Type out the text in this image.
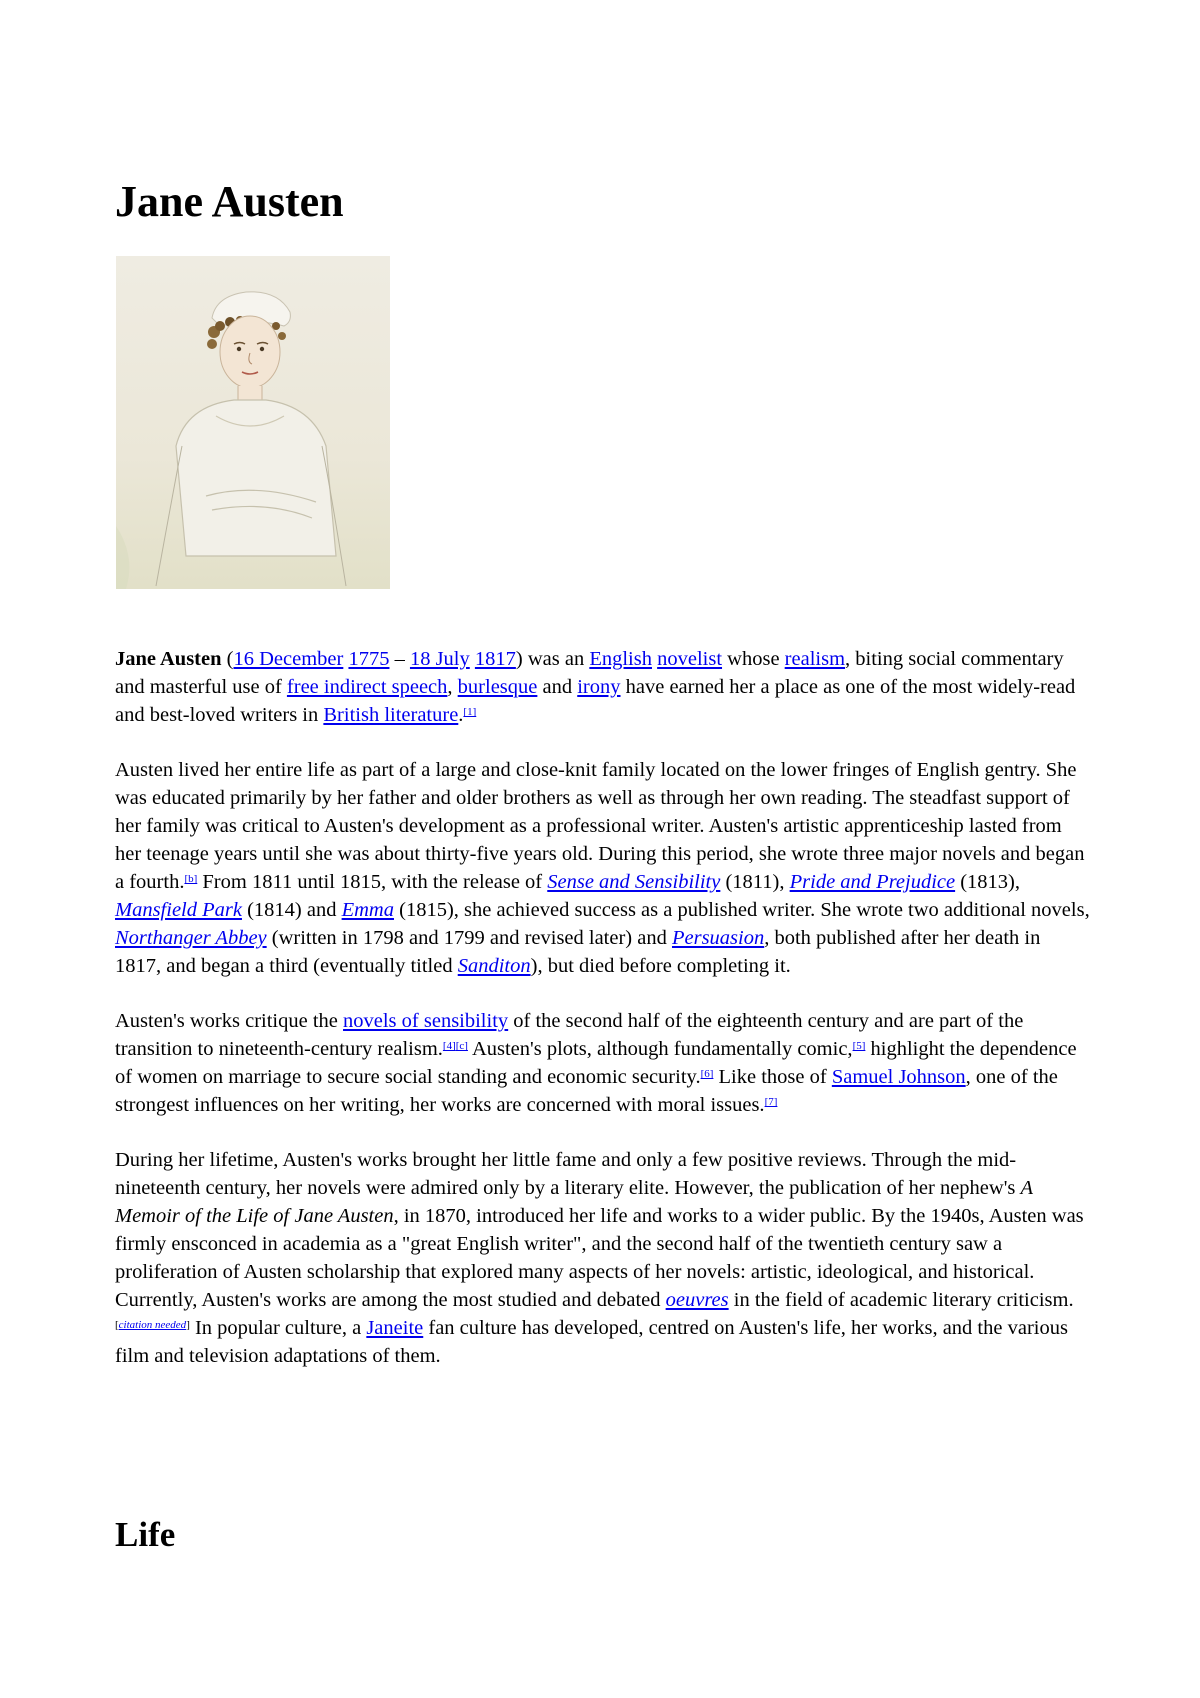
Jane Austen

Jane Austen (16 December 1775 – 18 July 1817) was an English novelist whose realism, biting social commentary and masterful use of free indirect speech, burlesque and irony have earned her a place as one of the most widely-read and best-loved writers in British literature.[1]

Austen lived her entire life as part of a large and close-knit family located on the lower fringes of English gentry. She was educated primarily by her father and older brothers as well as through her own reading. The steadfast support of her family was critical to Austen's development as a professional writer. Austen's artistic apprenticeship lasted from her teenage years until she was about thirty-five years old. During this period, she wrote three major novels and began a fourth.[b] From 1811 until 1815, with the release of Sense and Sensibility (1811), Pride and Prejudice (1813), Mansfield Park (1814) and Emma (1815), she achieved success as a published writer. She wrote two additional novels, Northanger Abbey (written in 1798 and 1799 and revised later) and Persuasion, both published after her death in 1817, and began a third (eventually titled Sanditon), but died before completing it.

Austen's works critique the novels of sensibility of the second half of the eighteenth century and are part of the transition to nineteenth-century realism.[4][c] Austen's plots, although fundamentally comic,[5] highlight the dependence of women on marriage to secure social standing and economic security.[6] Like those of Samuel Johnson, one of the strongest influences on her writing, her works are concerned with moral issues.[7]

During her lifetime, Austen's works brought her little fame and only a few positive reviews. Through the mid-nineteenth century, her novels were admired only by a literary elite. However, the publication of her nephew's A Memoir of the Life of Jane Austen, in 1870, introduced her life and works to a wider public. By the 1940s, Austen was firmly ensconced in academia as a "great English writer", and the second half of the twentieth century saw a proliferation of Austen scholarship that explored many aspects of her novels: artistic, ideological, and historical. Currently, Austen's works are among the most studied and debated oeuvres in the field of academic literary criticism.[citation needed] In popular culture, a Janeite fan culture has developed, centred on Austen's life, her works, and the various film and television adaptations of them.

Life
